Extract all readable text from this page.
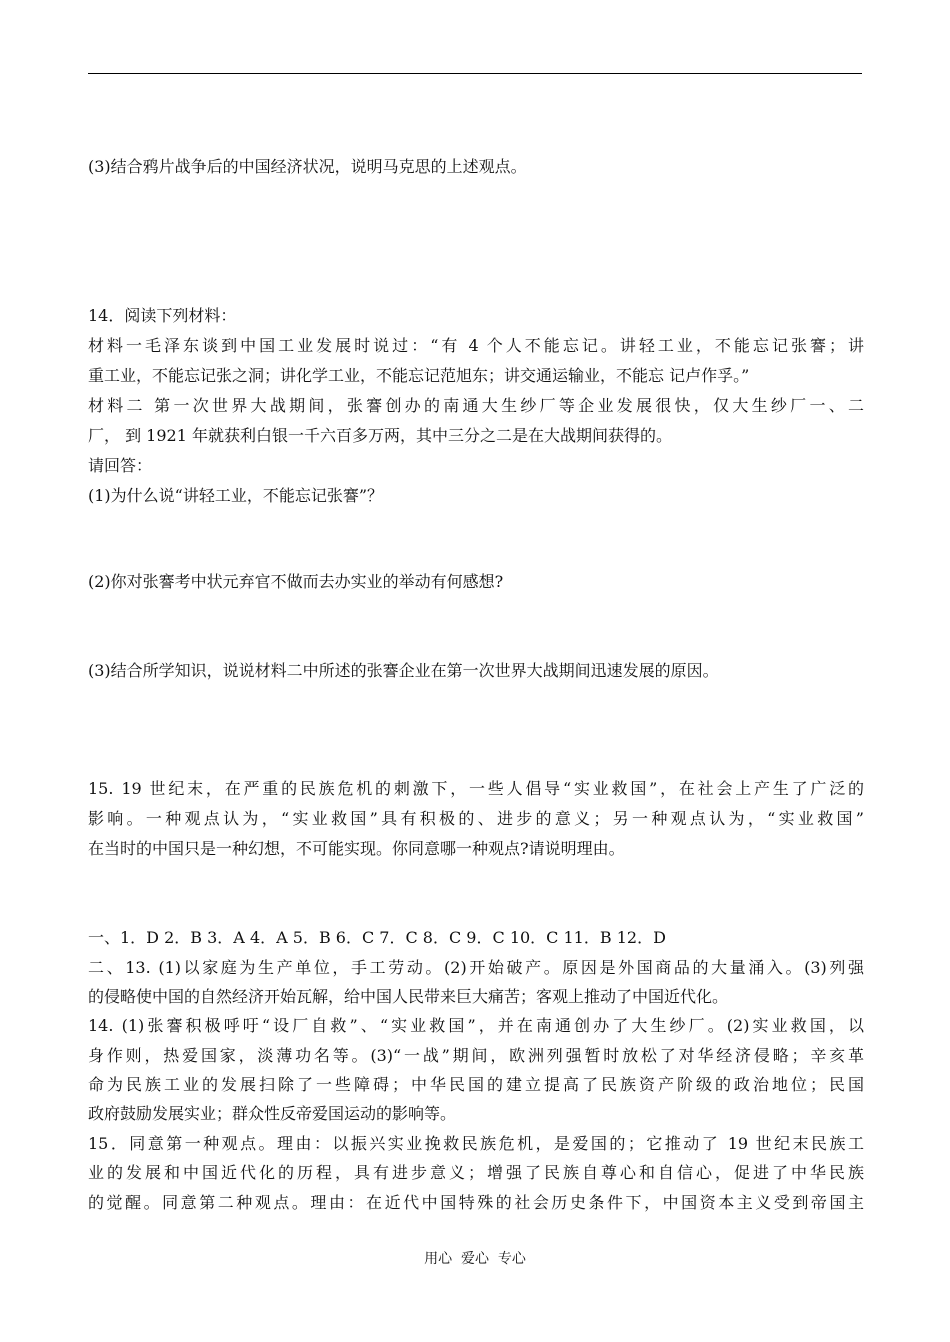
(3)结合鸦片战争后的中国经济状况，说明马克思的上述观点。
14．阅读下列材料：
材料一毛泽东谈到中国工业发展时说过：“有 4 个人不能忘记。讲轻工业，不能忘记张謇；讲
重工业，不能忘记张之洞；讲化学工业，不能忘记范旭东；讲交通运输业，不能忘 记卢作孚。”
材料二 第一次世界大战期间，张謇创办的南通大生纱厂等企业发展很快，仅大生纱厂一、二
厂， 到 1921 年就获利白银一千六百多万两，其中三分之二是在大战期间获得的。
请回答：
(1)为什么说“讲轻工业，不能忘记张謇”？
(2)你对张謇考中状元弃官不做而去办实业的举动有何感想?
(3)结合所学知识，说说材料二中所述的张謇企业在第一次世界大战期间迅速发展的原因。
15. 19 世纪末，在严重的民族危机的刺激下，一些人倡导“实业救国”，在社会上产生了广泛的
影响。一种观点认为，“实业救国”具有积极的、进步的意义；另一种观点认为，“实业救国”
在当时的中国只是一种幻想，不可能实现。你同意哪一种观点?请说明理由。
一、1．D 2．B 3．A 4．A 5．B 6．C 7．C 8．C 9．C 10．C 11．B 12．D
二、13. (1)以家庭为生产单位，手工劳动。(2)开始破产。原因是外国商品的大量涌入。(3)列强
的侵略使中国的自然经济开始瓦解，给中国人民带来巨大痛苦；客观上推动了中国近代化。
14. (1)张謇积极呼吁“设厂自救”、“实业救国”，并在南通创办了大生纱厂。(2)实业救国，以
身作则，热爱国家，淡薄功名等。(3)“一战”期间，欧洲列强暂时放松了对华经济侵略；辛亥革
命为民族工业的发展扫除了一些障碍；中华民国的建立提高了民族资产阶级的政治地位；民国
政府鼓励发展实业；群众性反帝爱国运动的影响等。
15．同意第一种观点。理由：以振兴实业挽救民族危机，是爱国的；它推动了 19 世纪末民族工
业的发展和中国近代化的历程，具有进步意义；增强了民族自尊心和自信心，促进了中华民族
的觉醒。同意第二种观点。理由：在近代中国特殊的社会历史条件下，中国资本主义受到帝国主
用心  爱心  专心
